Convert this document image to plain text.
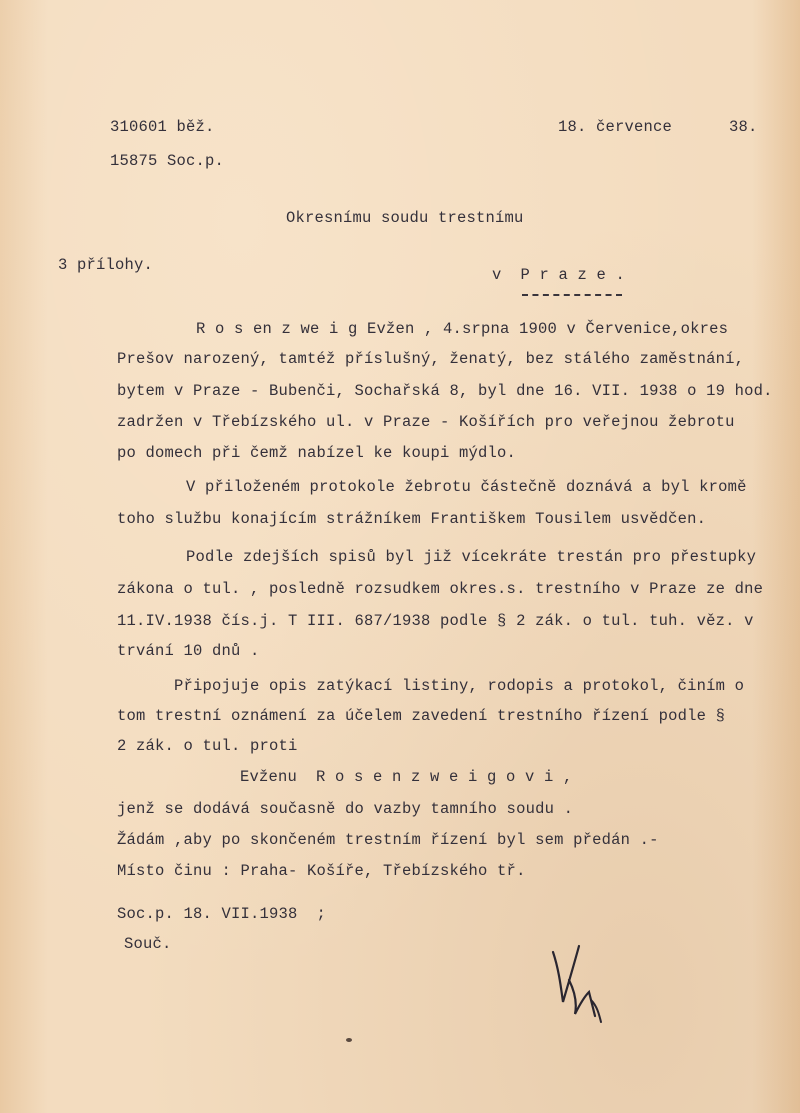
310601 běž.
15875 Soc.p.
18. července      38.
Okresnímu soudu trestnímu
3 přílohy.
v  P r a z e .
R o s en z we i g Evžen , 4.srpna 1900 v Červenice,okres
Prešov narozený, tamtéž příslušný, ženatý, bez stálého zaměstnání,
bytem v Praze - Bubenči, Sochařská 8, byl dne 16. VII. 1938 o 19 hod.
zadržen v Třebízského ul. v Praze - Košířích pro veřejnou žebrotu
po domech při čemž nabízel ke koupi mýdlo.
V přiloženém protokole žebrotu částečně doznává a byl kromě
toho službu konajícím strážníkem Františkem Tousilem usvědčen.
Podle zdejších spisů byl již vícekráte trestán pro přestupky
zákona o tul. , posledně rozsudkem okres.s. trestního v Praze ze dne
11.IV.1938 čís.j. T III. 687/1938 podle § 2 zák. o tul. tuh. věz. v
trvání 10 dnů .
Připojuje opis zatýkací listiny, rodopis a protokol, činím o
tom trestní oznámení za účelem zavedení trestního řízení podle §
2 zák. o tul. proti
Evženu  R o s e n z w e i g o v i ,
jenž se dodává současně do vazby tamního soudu .
Žádám ,aby po skončeném trestním řízení byl sem předán .-
Místo činu : Praha- Košíře, Třebízského tř.
Soc.p. 18. VII.1938  ;
Souč.
